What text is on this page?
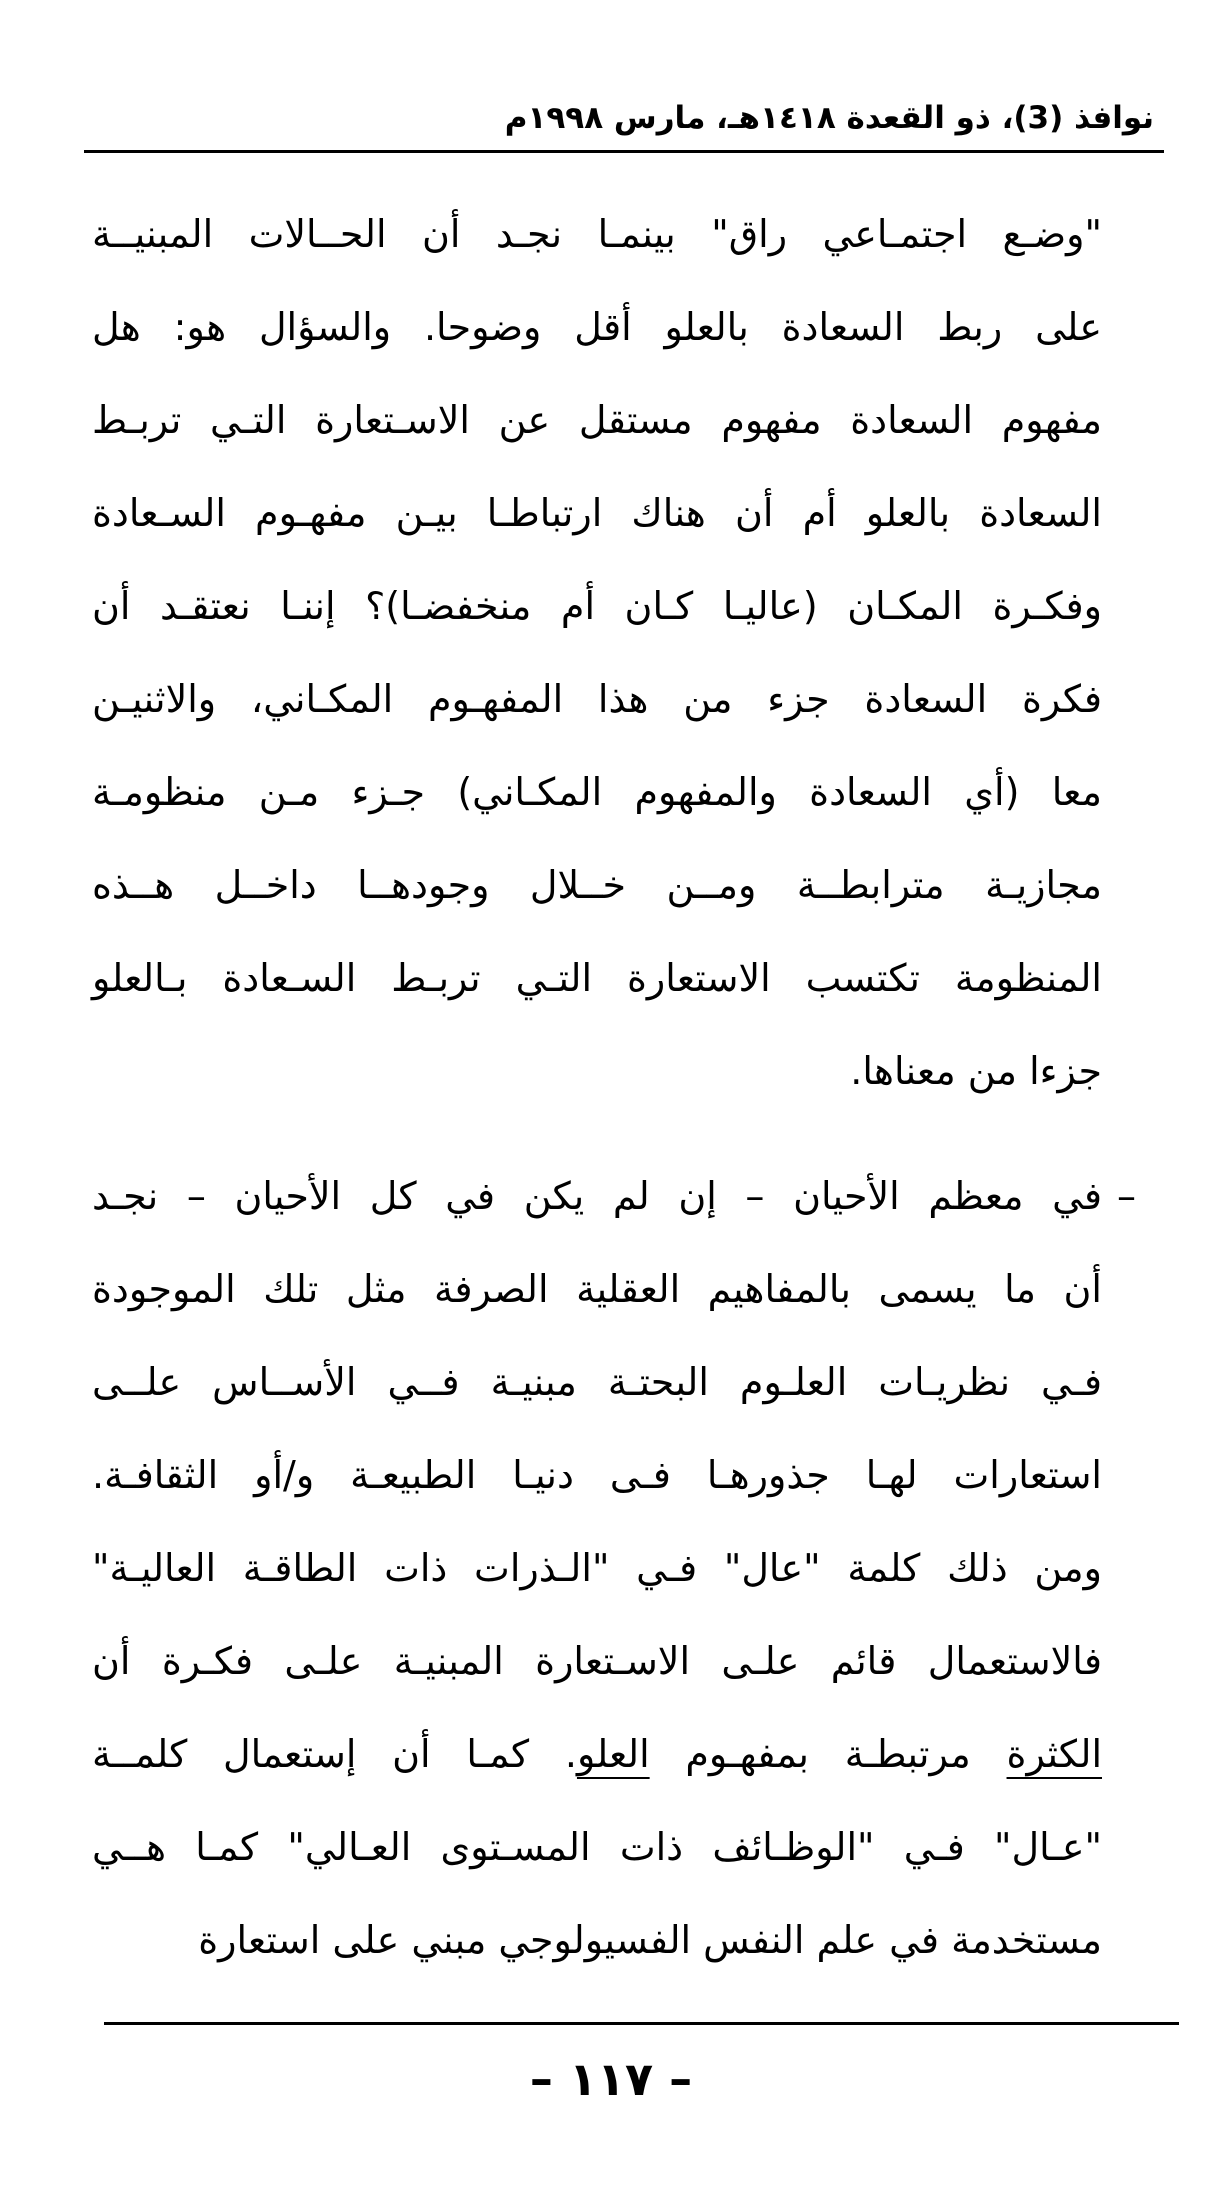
نوافذ (3)، ذو القعدة ١٤١٨هـ، مارس ١٩٩٨م
"وضـع اجتمـاعي راق" بينمـا نجـد أن الحــالات المبنيــة
على ربط السعادة بالعلو أقل وضوحا. والسؤال هو: هل
مفهوم السعادة مفهوم مستقل عن الاسـتعارة التـي تربـط
السعادة بالعلو أم أن هناك ارتباطـا بيـن مفهـوم السـعادة
وفكـرة المكـان (عاليـا كـان أم منخفضـا)؟ إننـا نعتقـد أن
فكرة السعادة جزء من هذا المفهـوم المكـاني، والاثنيـن
معا (أي السعادة والمفهوم المكـاني) جـزء مـن منظومـة
مجازيـة مترابطــة ومــن خــلال وجودهــا داخــل هــذه
المنظومة تكتسب الاستعارة التـي تربـط السـعادة بـالعلو
جزءا من معناها.
–
في معظم الأحيان – إن لم يكن في كل الأحيان – نجـد
أن ما يسمى بالمفاهيم العقلية الصرفة مثل تلك الموجودة
فـي نظريـات العلـوم البحتـة مبنيـة فــي الأســاس علــى
استعارات لهـا جذورهـا فـى دنيـا الطبيعـة و/أو الثقافـة.
ومن ذلك كلمة "عال" فـي "الـذرات ذات الطاقـة العاليـة"
فالاستعمال قائم علـى الاسـتعارة المبنيـة علـى فكـرة أن
الكثرة مرتبطـة بمفهـوم العلو. كمـا أن إستعمال كلمــة
"عـال" فـي "الوظـائف ذات المسـتوى العـالي" كمـا هــي
مستخدمة في علم النفس الفسيولوجي مبني على استعارة
– ١١٧ –
